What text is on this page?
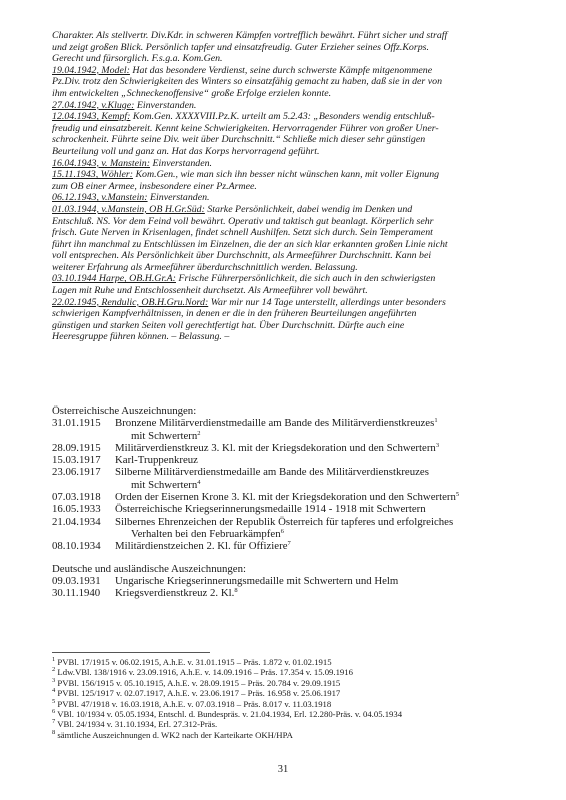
Charakter. Als stellvertr. Div.Kdr. in schweren Kämpfen vortrefflich bewährt. Führt sicher und straff

und zeigt großen Blick. Persönlich tapfer und einsatzfreudig. Guter Erzieher seines Offz.Korps.

Gerecht und fürsorglich. F.s.g.a. Kom.Gen.

19.04.1942, Model: Hat das besondere Verdienst, seine durch schwerste Kämpfe mitgenommene

Pz.Div. trotz den Schwierigkeiten des Winters so einsatzfähig gemacht zu haben, daß sie in der von

ihm entwickelten „Schneckenoffensive“ große Erfolge erzielen konnte.

27.04.1942, v.Kluge: Einverstanden.

12.04.1943, Kempf: Kom.Gen. XXXXVIII.Pz.K. urteilt am 5.2.43: „Besonders wendig entschluß-

freudig und einsatzbereit. Kennt keine Schwierigkeiten. Hervorragender Führer von großer Uner-

schrockenheit. Führte seine Div. weit über Durchschnitt.“ Schließe mich dieser sehr günstigen

Beurteilung voll und ganz an. Hat das Korps hervorragend geführt.

16.04.1943, v. Manstein: Einverstanden.

15.11.1943, Wöhler: Kom.Gen., wie man sich ihn besser nicht wünschen kann, mit voller Eignung

zum OB einer Armee, insbesondere einer Pz.Armee.

06.12.1943, v.Manstein: Einverstanden.

01.03.1944, v.Manstein, OB H.Gr.Süd: Starke Persönlichkeit, dabei wendig im Denken und

Entschluß. NS. Vor dem Feind voll bewährt. Operativ und taktisch gut beanlagt. Körperlich sehr

frisch. Gute Nerven in Krisenlagen, findet schnell Aushilfen. Setzt sich durch. Sein Temperament

führt ihn manchmal zu Entschlüssen im Einzelnen, die der an sich klar erkannten großen Linie nicht

voll entsprechen. Als Persönlichkeit über Durchschnitt, als Armeeführer Durchschnitt. Kann bei

weiterer Erfahrung als Armeeführer überdurchschnittlich werden. Belassung.

03.10.1944 Harpe, OB.H.Gr.A: Frische Führerpersönlichkeit, die sich auch in den schwierigsten

Lagen mit Ruhe und Entschlossenheit durchsetzt. Als Armeeführer voll bewährt.

22.02.1945, Rendulic, OB.H.Gru.Nord: War mir nur 14 Tage unterstellt, allerdings unter besonders

schwierigen Kampfverhältnissen, in denen er die in den früheren Beurteilungen angeführten

günstigen und starken Seiten voll gerechtfertigt hat. Über Durchschnitt. Dürfte auch eine

Heeresgruppe führen können. – Belassung. –

Österreichische Auszeichnungen:

31.01.1915	Bronzene Militärverdienstmedaille am Bande des Militärverdienstkreuzes$^1$
mit Schwertern$^2$
28.09.1915	Militärverdienstkreuz 3. Kl. mit der Kriegsdekoration und den Schwertern$^3$
15.03.1917	Karl-Truppenkreuz
23.06.1917	Silberne Militärverdienstmedaille am Bande des Militärverdienstkreuzes
mit Schwertern$^4$
07.03.1918	Orden der Eisernen Krone 3. Kl. mit der Kriegsdekoration und den Schwertern$^5$
16.05.1933	Österreichische Kriegserinnerungsmedaille 1914 - 1918 mit Schwertern
21.04.1934	Silbernes Ehrenzeichen der Republik Österreich für tapferes und erfolgreiches
Verhalten bei den Februarkämpfen$^6$
08.10.1934	Militärdienstzeichen 2. Kl. für Offiziere$^7$

Deutsche und ausländische Auszeichnungen:

09.03.1931	Ungarische Kriegserinnerungsmedaille mit Schwertern und Helm
30.11.1940	Kriegsverdienstkreuz 2. Kl.$^8$

$^1$ PVBl. 17/1915 v. 06.02.1915, A.h.E. v. 31.01.1915 – Präs. 1.872 v. 01.02.1915

$^2$ Ldw.VBl. 138/1916 v. 23.09.1916, A.h.E. v. 14.09.1916 – Präs. 17.354 v. 15.09.1916

$^3$ PVBl. 156/1915 v. 05.10.1915, A.h.E. v. 28.09.1915 – Präs. 20.784 v. 29.09.1915

$^4$ PVBl. 125/1917 v. 02.07.1917, A.h.E. v. 23.06.1917 – Präs. 16.958 v. 25.06.1917

$^5$ PVBl. 47/1918 v. 16.03.1918, A.h.E. v. 07.03.1918 – Präs. 8.017 v. 11.03.1918

$^6$ VBl. 10/1934 v. 05.05.1934, Entschl. d. Bundespräs. v. 21.04.1934, Erl. 12.280-Präs. v. 04.05.1934

$^7$ VBl. 24/1934 v. 31.10.1934, Erl. 27.312-Präs.

$^8$ sämtliche Auszeichnungen d. WK2 nach der Karteikarte OKH/HPA

31
